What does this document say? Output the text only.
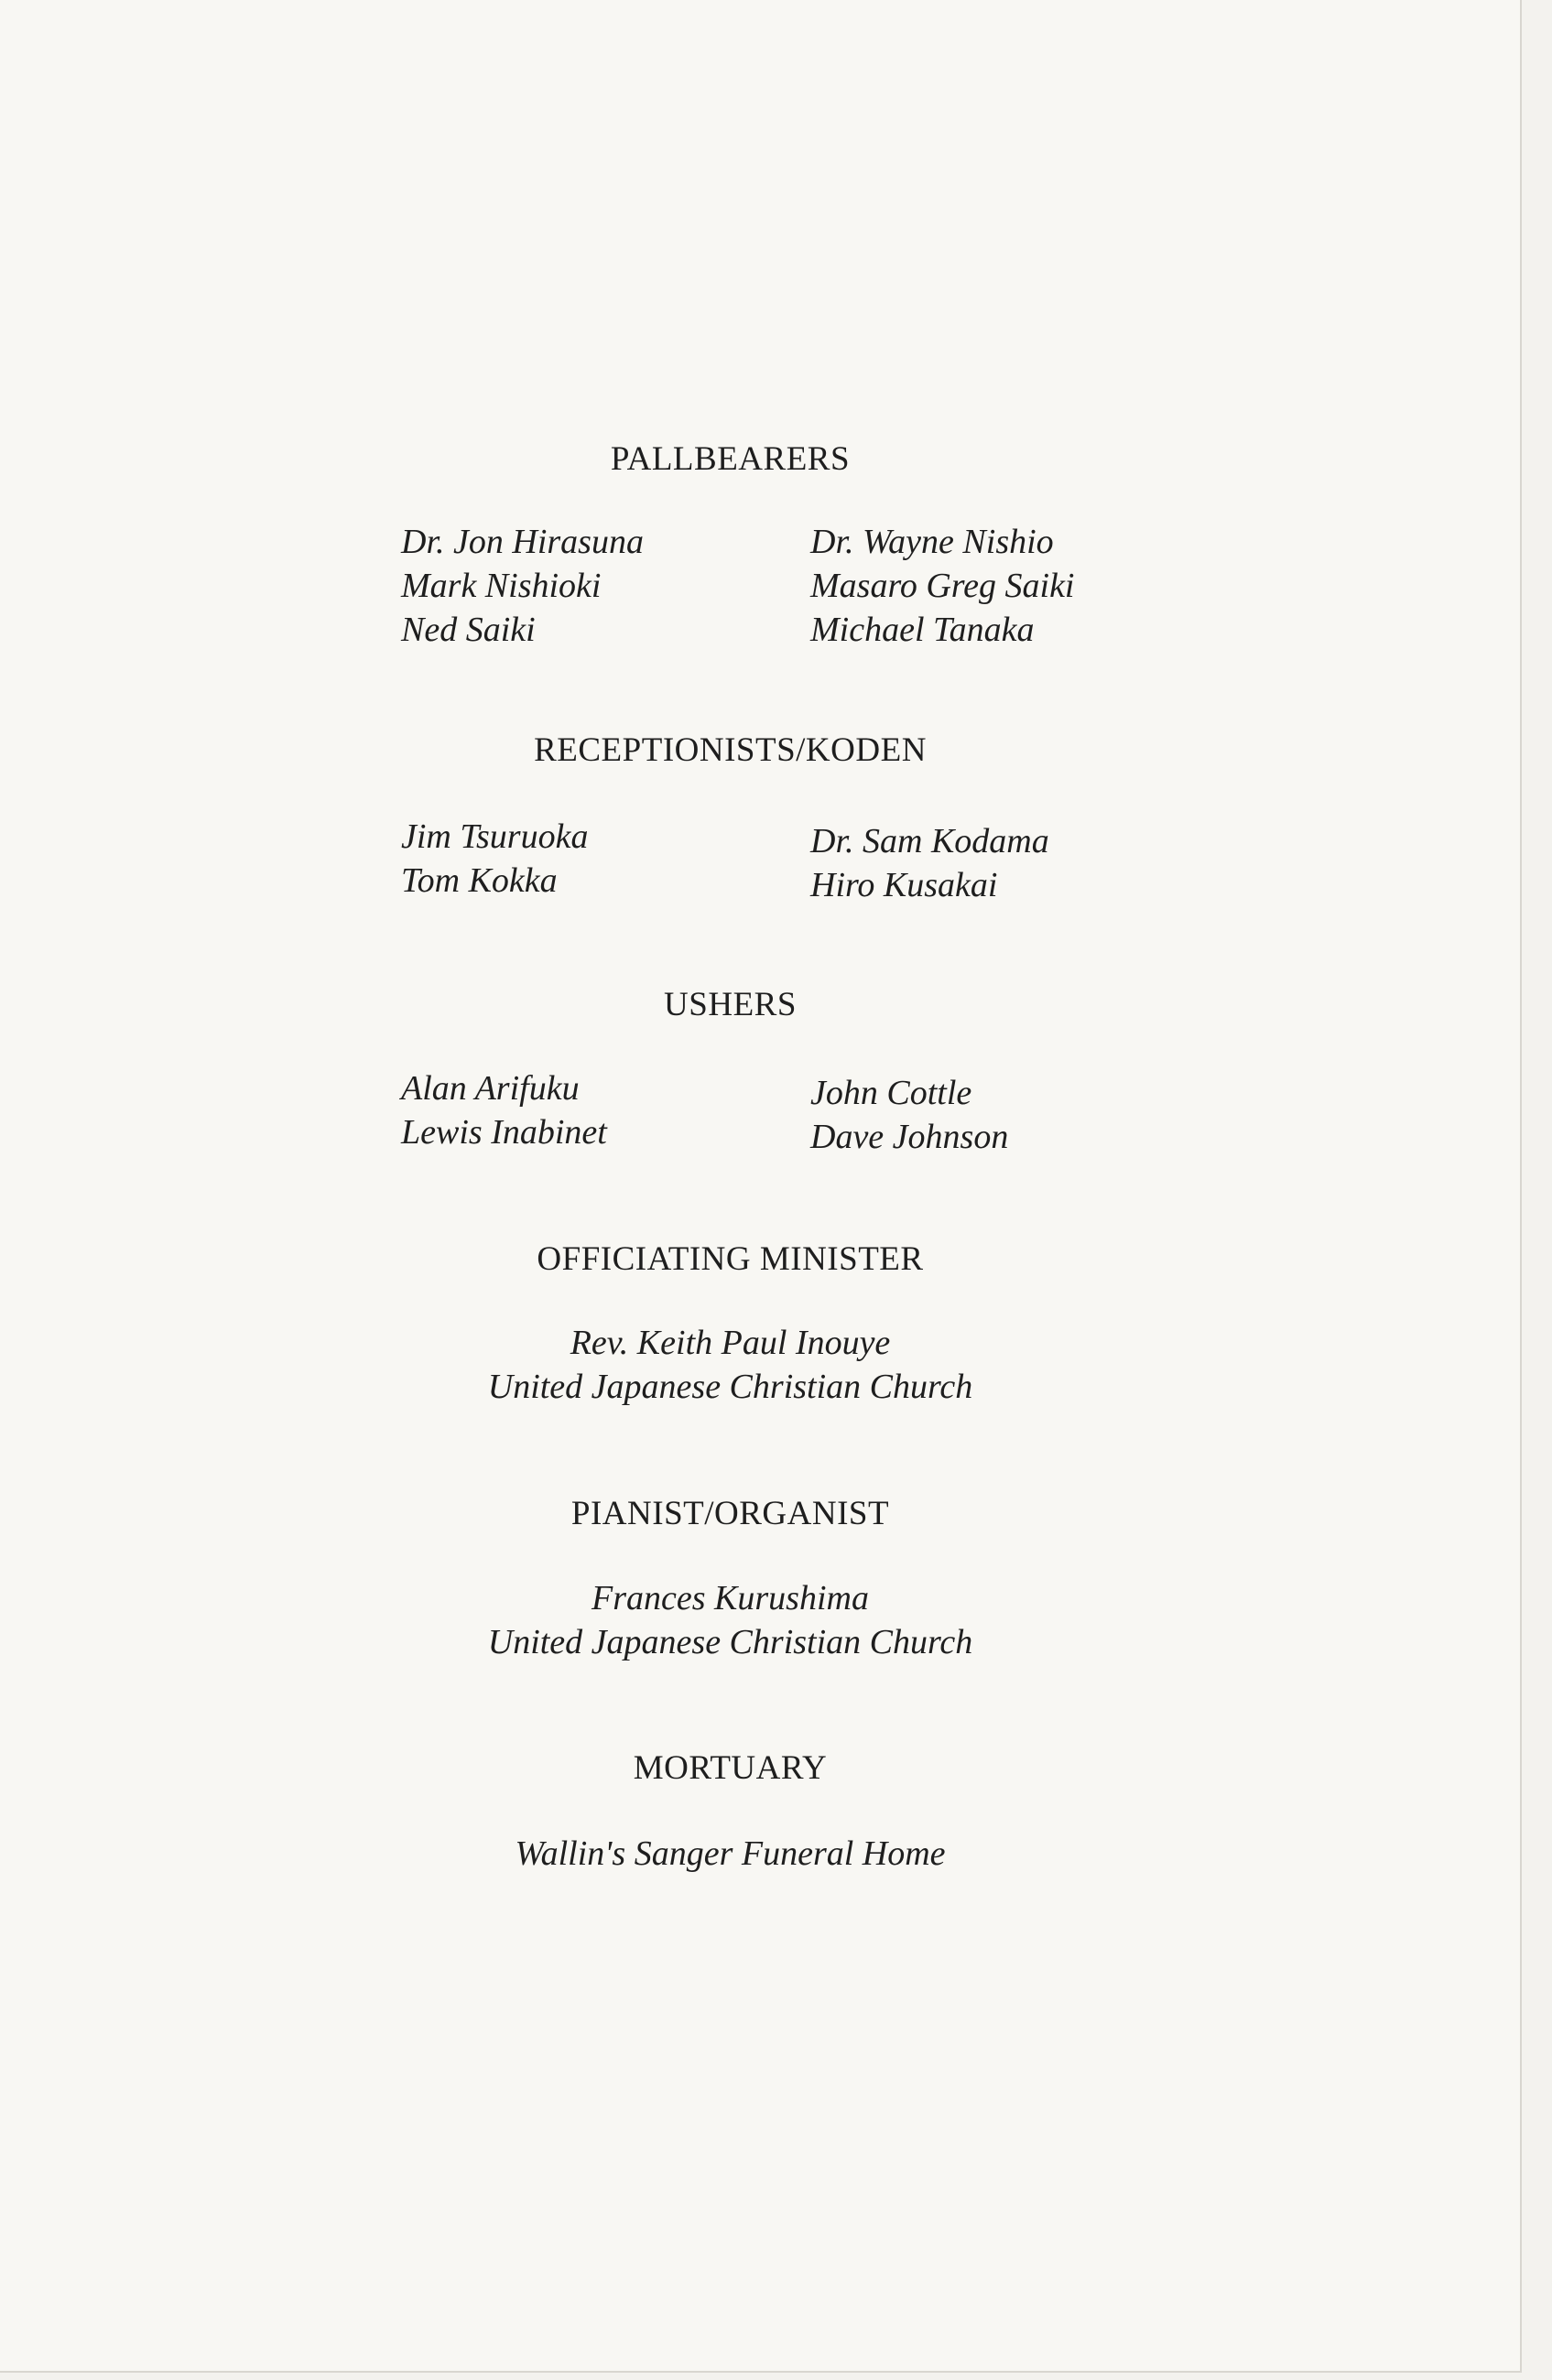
PALLBEARERS
Dr. Jon Hirasuna
Mark Nishioki
Ned Saiki
Dr. Wayne Nishio
Masaro Greg Saiki
Michael Tanaka
RECEPTIONISTS/KODEN
Jim Tsuruoka
Tom Kokka
Dr. Sam Kodama
Hiro Kusakai
USHERS
Alan Arifuku
Lewis Inabinet
John Cottle
Dave Johnson
OFFICIATING MINISTER
Rev. Keith Paul Inouye
United Japanese Christian Church
PIANIST/ORGANIST
Frances Kurushima
United Japanese Christian Church
MORTUARY
Wallin's Sanger Funeral Home
